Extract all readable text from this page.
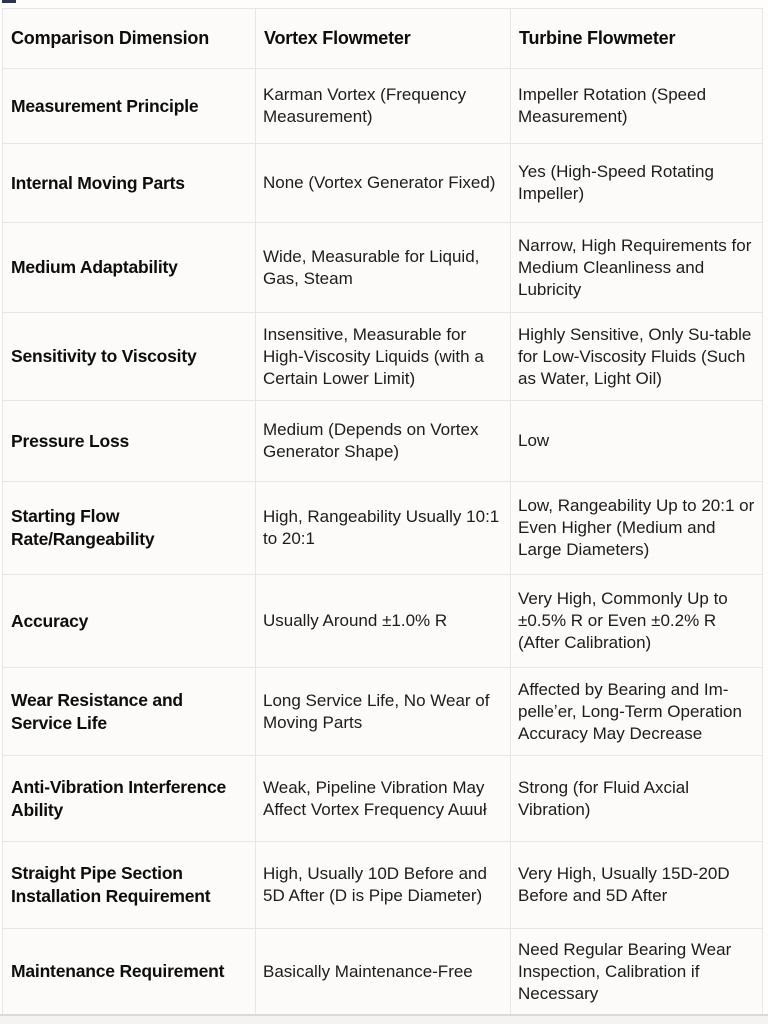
Comparison Dimension	Vortex Flowmeter	Turbine Flowmeter
Measurement Principle	Karman Vortex (Frequency Measurement)	Impeller Rotation (Speed Measurement)
Internal Moving Parts	None (Vortex Generator Fixed)	Yes (High-Speed Rotating Impeller)
Medium Adaptability	Wide, Measurable for Liquid, Gas, Steam	Narrow, High Requirements for Medium Cleanliness and Lubricity
Sensitivity to Viscosity	Insensitive, Measurable for High-Viscosity Liquids (with a Certain Lower Limit)	Highly Sensitive, Only Su-table for Low-Viscosity Fluids (Such as Water, Light Oil)
Pressure Loss	Medium (Depends on Vortex Generator Shape)	Low
Starting Flow Rate/Rangeability	High, Rangeability Usually 10:1 to 20:1	Low, Rangeability Up to 20:1 or Even Higher (Medium and Large Diameters)
Accuracy	Usually Around ±1.0% R	Very High, Commonly Up to ±0.5% R or Even ±0.2% R (After Calibration)
Wear Resistance and Service Life	Long Service Life, No Wear of Moving Parts	Affected by Bearing and Im-pelleʼer, Long-Term Operation Accuracy May Decrease
Anti-Vibration Interference Ability	Weak, Pipeline Vibration May Affect Vortex Frequency Aɯuł	Strong (for Fluid Axcial Vibration)
Straight Pipe Section Installation Requirement	High, Usually 10D Before and 5D After (D is Pipe Diameter)	Very High, Usually 15D-20D Before and 5D After
Maintenance Requirement	Basically Maintenance-Free	Need Regular Bearing Wear Inspection, Calibration if Necessary
